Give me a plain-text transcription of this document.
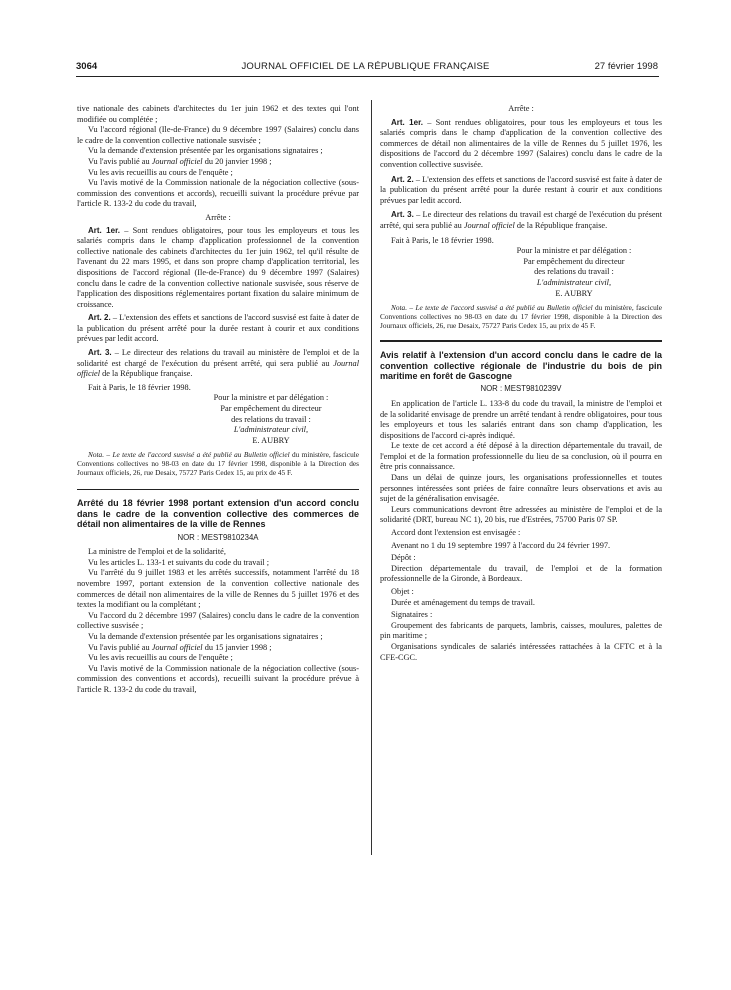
3064	JOURNAL OFFICIEL DE LA RÉPUBLIQUE FRANÇAISE	27 février 1998

tive nationale des cabinets d'architectes du 1er juin 1962 et des textes qui l'ont modifiée ou complétée ;

Vu l'accord régional (Ile-de-France) du 9 décembre 1997 (Salaires) conclu dans le cadre de la convention collective nationale susvisée ;

Vu la demande d'extension présentée par les organisations signataires ;

Vu l'avis publié au Journal officiel du 20 janvier 1998 ;

Vu les avis recueillis au cours de l'enquête ;

Vu l'avis motivé de la Commission nationale de la négociation collective (sous-commission des conventions et accords), recueilli suivant la procédure prévue par l'article R. 133-2 du code du travail,

Arrête :

Art. 1er. – Sont rendues obligatoires, pour tous les employeurs et tous les salariés compris dans le champ d'application professionnel de la convention collective nationale des cabinets d'architectes du 1er juin 1962, tel qu'il résulte de l'avenant du 22 mars 1995, et dans son propre champ d'application territorial, les dispositions de l'accord régional (Ile-de-France) du 9 décembre 1997 (Salaires) conclu dans le cadre de la convention collective nationale susvisée, sous réserve de l'application des dispositions réglementaires portant fixation du salaire minimum de croissance.

Art. 2. – L'extension des effets et sanctions de l'accord susvisé est faite à dater de la publication du présent arrêté pour la durée restant à courir et aux conditions prévues par ledit accord.

Art. 3. – Le directeur des relations du travail au ministère de l'emploi et de la solidarité est chargé de l'exécution du présent arrêté, qui sera publié au Journal officiel de la République française.

Fait à Paris, le 18 février 1998.

Pour la ministre et par délégation :
Par empêchement du directeur
des relations du travail :
L'administrateur civil,
E. AUBRY

Nota. – Le texte de l'accord susvisé a été publié au Bulletin officiel du ministère, fascicule Conventions collectives no 98-03 en date du 17 février 1998, disponible à la Direction des Journaux officiels, 26, rue Desaix, 75727 Paris Cedex 15, au prix de 45 F.

Arrêté du 18 février 1998 portant extension d'un accord conclu dans le cadre de la convention collective des commerces de détail non alimentaires de la ville de Rennes

NOR : MEST9810234A

La ministre de l'emploi et de la solidarité,

Vu les articles L. 133-1 et suivants du code du travail ;

Vu l'arrêté du 9 juillet 1983 et les arrêtés successifs, notamment l'arrêté du 18 novembre 1997, portant extension de la convention collective nationale des commerces de détail non alimentaires de la ville de Rennes du 5 juillet 1976 et des textes la modifiant ou la complétant ;

Vu l'accord du 2 décembre 1997 (Salaires) conclu dans le cadre de la convention collective susvisée ;

Vu la demande d'extension présentée par les organisations signataires ;

Vu l'avis publié au Journal officiel du 15 janvier 1998 ;

Vu les avis recueillis au cours de l'enquête ;

Vu l'avis motivé de la Commission nationale de la négociation collective (sous-commission des conventions et accords), recueilli suivant la procédure prévue à l'article R. 133-2 du code du travail,

Arrête :

Art. 1er. – Sont rendues obligatoires, pour tous les employeurs et tous les salariés compris dans le champ d'application de la convention collective des commerces de détail non alimentaires de la ville de Rennes du 5 juillet 1976, les dispositions de l'accord du 2 décembre 1997 (Salaires) conclu dans le cadre de la convention collective susvisée.

Art. 2. – L'extension des effets et sanctions de l'accord susvisé est faite à dater de la publication du présent arrêté pour la durée restant à courir et aux conditions prévues par ledit accord.

Art. 3. – Le directeur des relations du travail est chargé de l'exécution du présent arrêté, qui sera publié au Journal officiel de la République française.

Fait à Paris, le 18 février 1998.

Pour la ministre et par délégation :
Par empêchement du directeur
des relations du travail :
L'administrateur civil,
E. AUBRY

Nota. – Le texte de l'accord susvisé a été publié au Bulletin officiel du ministère, fascicule Conventions collectives no 98-03 en date du 17 février 1998, disponible à la Direction des Journaux officiels, 26, rue Desaix, 75727 Paris Cedex 15, au prix de 45 F.

Avis relatif à l'extension d'un accord conclu dans le cadre de la convention collective régionale de l'industrie du bois de pin maritime en forêt de Gascogne

NOR : MEST9810239V

En application de l'article L. 133-8 du code du travail, la ministre de l'emploi et de la solidarité envisage de prendre un arrêté tendant à rendre obligatoires, pour tous les employeurs et tous les salariés entrant dans son champ d'application, les dispositions de l'accord ci-après indiqué.

Le texte de cet accord a été déposé à la direction départementale du travail, de l'emploi et de la formation professionnelle du lieu de sa conclusion, où il pourra en être pris connaissance.

Dans un délai de quinze jours, les organisations professionnelles et toutes personnes intéressées sont priées de faire connaître leurs observations et avis au sujet de la généralisation envisagée.

Leurs communications devront être adressées au ministère de l'emploi et de la solidarité (DRT, bureau NC 1), 20 bis, rue d'Estrées, 75700 Paris 07 SP.

Accord dont l'extension est envisagée :

Avenant no 1 du 19 septembre 1997 à l'accord du 24 février 1997.

Dépôt :

Direction départementale du travail, de l'emploi et de la formation professionnelle de la Gironde, à Bordeaux.

Objet :

Durée et aménagement du temps de travail.

Signataires :

Groupement des fabricants de parquets, lambris, caisses, moulures, palettes de pin maritime ;

Organisations syndicales de salariés intéressées rattachées à la CFTC et à la CFE-CGC.
